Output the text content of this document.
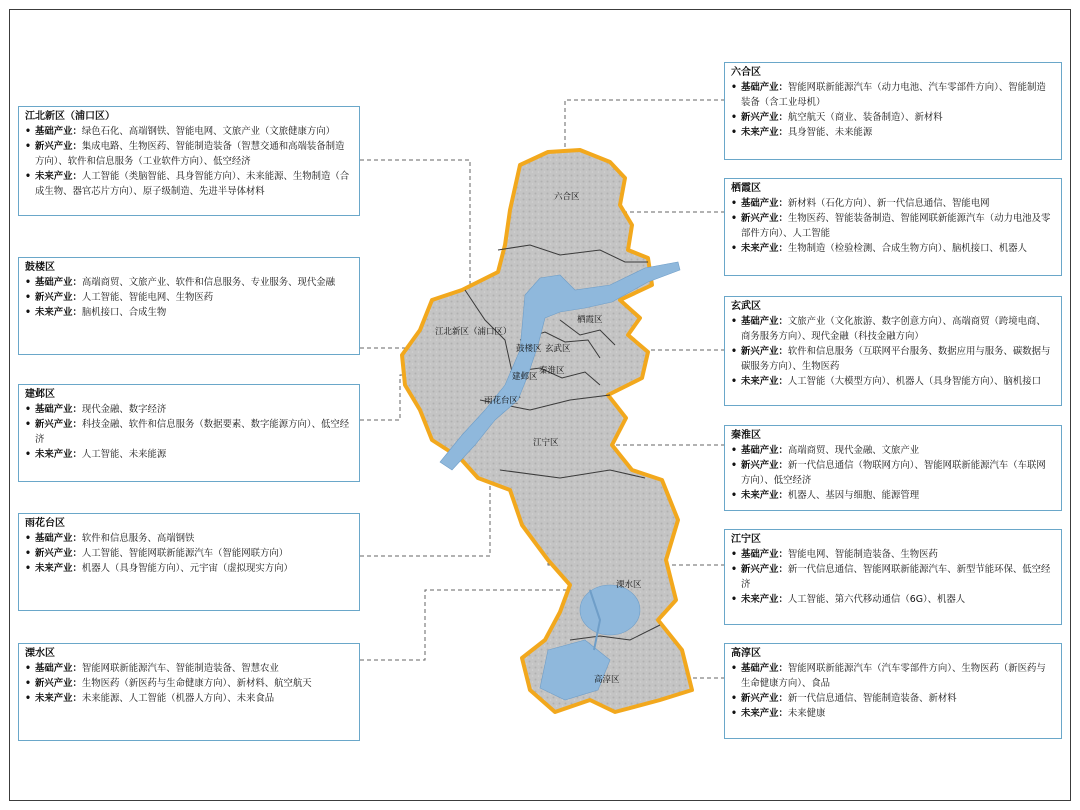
六合区
栖霞区
江北新区（浦口区）
鼓楼区 玄武区
建邺区
秦淮区
雨花台区
江宁区
溧水区
高淳区
江北新区（浦口区）
• 基础产业：绿色石化、高端钢铁、智能电网、文旅产业（文旅健康方向）
• 新兴产业：集成电路、生物医药、智能制造装备（智慧交通和高端装备制造方向）、软件和信息服务（工业软件方向）、低空经济
• 未来产业：人工智能（类脑智能、具身智能方向）、未来能源、生物制造（合成生物、器官芯片方向）、原子级制造、先进半导体材料
鼓楼区
• 基础产业：高端商贸、文旅产业、软件和信息服务、专业服务、现代金融
• 新兴产业：人工智能、智能电网、生物医药
• 未来产业：脑机接口、合成生物
建邺区
• 基础产业：现代金融、数字经济
• 新兴产业：科技金融、软件和信息服务（数据要素、数字能源方向）、低空经济
• 未来产业：人工智能、未来能源
雨花台区
• 基础产业：软件和信息服务、高端钢铁
• 新兴产业：人工智能、智能网联新能源汽车（智能网联方向）
• 未来产业：机器人（具身智能方向）、元宇宙（虚拟现实方向）
溧水区
• 基础产业：智能网联新能源汽车、智能制造装备、智慧农业
• 新兴产业：生物医药（新医药与生命健康方向）、新材料、航空航天
• 未来产业：未来能源、人工智能（机器人方向）、未来食品
六合区
• 基础产业：智能网联新能源汽车（动力电池、汽车零部件方向）、智能制造装备（含工业母机）
• 新兴产业：航空航天（商业、装备制造）、新材料
• 未来产业：具身智能、未来能源
栖霞区
• 基础产业：新材料（石化方向）、新一代信息通信、智能电网
• 新兴产业：生物医药、智能装备制造、智能网联新能源汽车（动力电池及零部件方向）、人工智能
• 未来产业：生物制造（检验检测、合成生物方向）、脑机接口、机器人
玄武区
• 基础产业：文旅产业（文化旅游、数字创意方向）、高端商贸（跨境电商、商务服务方向）、现代金融（科技金融方向）
• 新兴产业：软件和信息服务（互联网平台服务、数据应用与服务、碳数据与碳服务方向）、生物医药
• 未来产业：人工智能（大模型方向）、机器人（具身智能方向）、脑机接口
秦淮区
• 基础产业：高端商贸、现代金融、文旅产业
• 新兴产业：新一代信息通信（物联网方向）、智能网联新能源汽车（车联网方向）、低空经济
• 未来产业：机器人、基因与细胞、能源管理
江宁区
• 基础产业：智能电网、智能制造装备、生物医药
• 新兴产业：新一代信息通信、智能网联新能源汽车、新型节能环保、低空经济
• 未来产业：人工智能、第六代移动通信（6G）、机器人
高淳区
• 基础产业：智能网联新能源汽车（汽车零部件方向）、生物医药（新医药与生命健康方向）、食品
• 新兴产业：新一代信息通信、智能制造装备、新材料
• 未来产业：未来健康
